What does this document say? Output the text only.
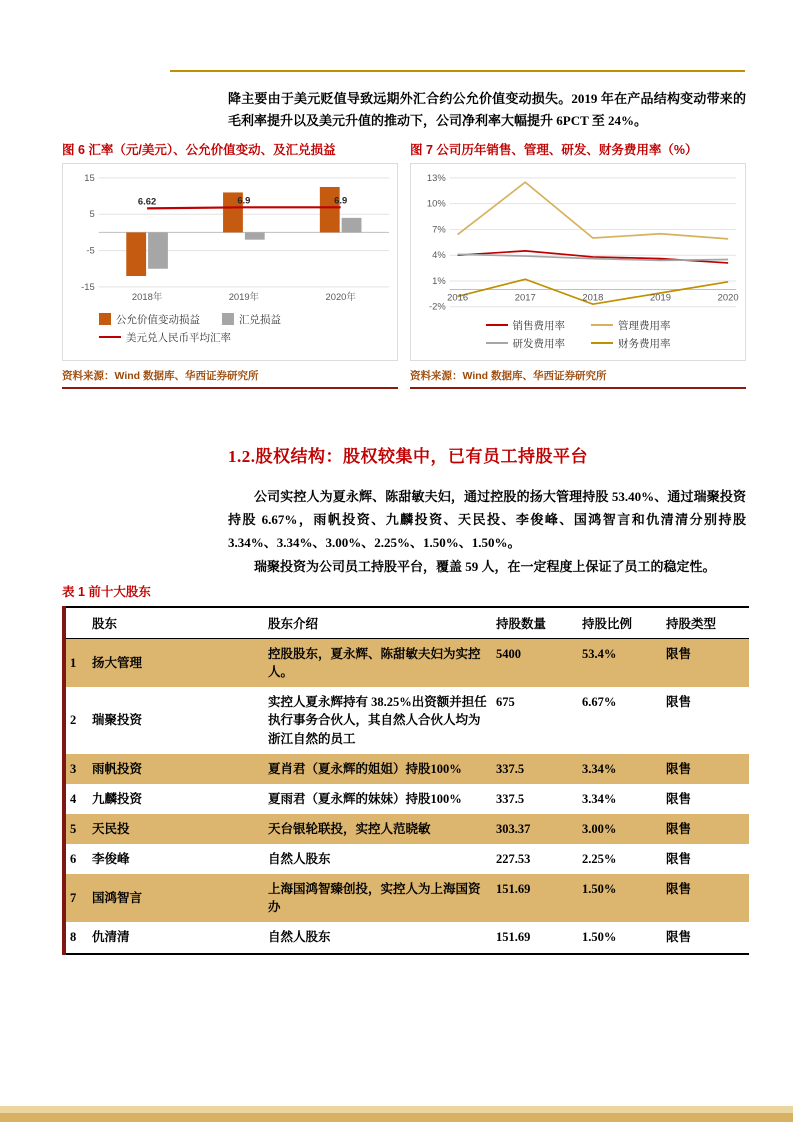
降主要由于美元贬值导致远期外汇合约公允价值变动损失。2019 年在产品结构变动带来的毛利率提升以及美元升值的推动下，公司净利率大幅提升 6PCT 至 24%。

图 6 汇率（元/美元）、公允价值变动、及汇兑损益
15
5
-5
-15
6.62	6.9	6.9
2018年	2019年	2020年
公允价值变动损益	汇兑损益
美元兑人民币平均汇率
资料来源：Wind 数据库、华西证券研究所
图 7 公司历年销售、管理、研发、财务费用率（%）
13%
10%
7%
4%
1%
-2%
2016	2017	2018	2019	2020
销售费用率	管理费用率
研发费用率	财务费用率
资料来源：Wind 数据库、华西证券研究所
1.2.股权结构：股权较集中，已有员工持股平台

公司实控人为夏永辉、陈甜敏夫妇，通过控股的扬大管理持股 53.40%、通过瑞聚投资持股 6.67%，雨帆投资、九麟投资、天民投、李俊峰、国鸿智言和仇清清分别持股 3.34%、3.34%、3.00%、2.25%、1.50%、1.50%。

瑞聚投资为公司员工持股平台，覆盖 59 人，在一定程度上保证了员工的稳定性。

表 1 前十大股东
	股东	股东介绍	持股数量	持股比例	持股类型
1	扬大管理	控股股东，夏永辉、陈甜敏夫妇为实控人。	5400	53.4%	限售
2	瑞聚投资	实控人夏永辉持有 38.25%出资额并担任执行事务合伙人，其自然人合伙人均为浙江自然的员工	675	6.67%	限售
3	雨帆投资	夏肖君（夏永辉的姐姐）持股100%	337.5	3.34%	限售
4	九麟投资	夏雨君（夏永辉的妹妹）持股100%	337.5	3.34%	限售
5	天民投	天台银轮联投，实控人范晓敏	303.37	3.00%	限售
6	李俊峰	自然人股东	227.53	2.25%	限售
7	国鸿智言	上海国鸿智臻创投，实控人为上海国资办	151.69	1.50%	限售
8	仇清清	自然人股东	151.69	1.50%	限售
